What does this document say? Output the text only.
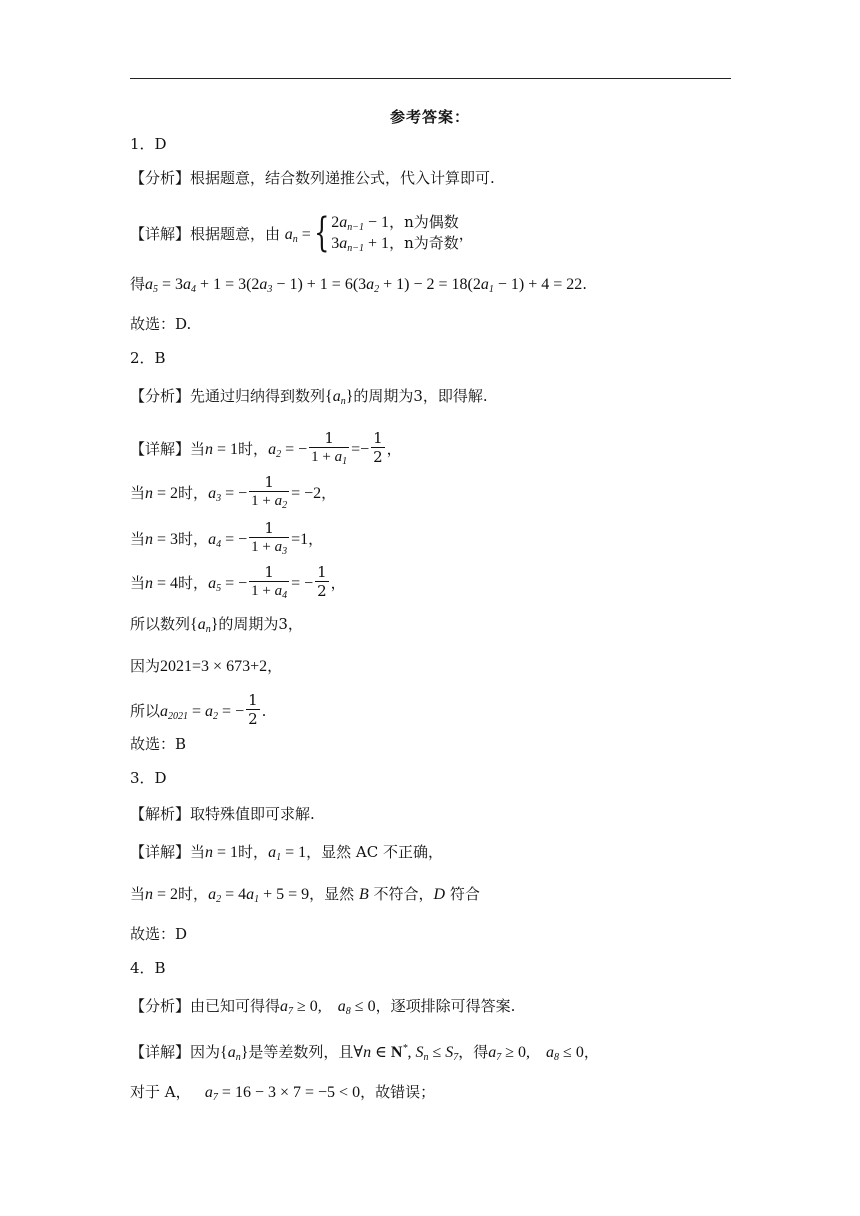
参考答案：
1．D
【分析】根据题意，结合数列递推公式，代入计算即可.
【详解】根据题意，由 $a_n$ ={ $2a_{n-1} - 1$，n为偶数
$3a_{n-1} + 1$，n为奇数 ，
得$a_5 = 3a_4 + 1 = 3(2a_3 - 1) + 1 = 6(3a_2 + 1) - 2 = 18(2a_1 - 1) + 4 = 22$.
故选：D.
2．B
【分析】先通过归纳得到数列$\{a_n\}$的周期为3，即得解.
【详解】当n = 1时，$a_2$ = − $\frac{1}{1 + a_1} =- \frac{1}{2}$ ，
当n = 2时，$a_3$ = − $\frac{1}{1 + a_2} = -2$，
当n = 3时，$a_4$ = − $\frac{1}{1 + a_3} =1$，
当n = 4时，$a_5$ = − $\frac{1}{1 + a_4}$ = − $\frac{1}{2}$ ，
所以数列$\{a_n\}$的周期为3，
因为2021=3 × 673+2，
所以$a_{2021} = a_2$ = − $\frac{1}{2}$ .
故选：B
3．D
【解析】取特殊值即可求解.
【详解】当n = 1时，$a_1 = 1$，显然 AC 不正确，
当n = 2时，$a_2 = 4a_1 + 5 = 9$，显然 B 不符合，D 符合
故选：D
4．B
【分析】由已知可得得$a_7 \ge 0$,    $a_8 \le 0$，逐项排除可得答案.
【详解】因为$\{a_n\}$是等差数列，且∀n ∈ N*, $S_n \le S_7$，得$a_7 \ge 0$,    $a_8 \le 0$，
对于 A， $a_7 = 16 - 3 \times 7 = -5 < 0$，故错误；
